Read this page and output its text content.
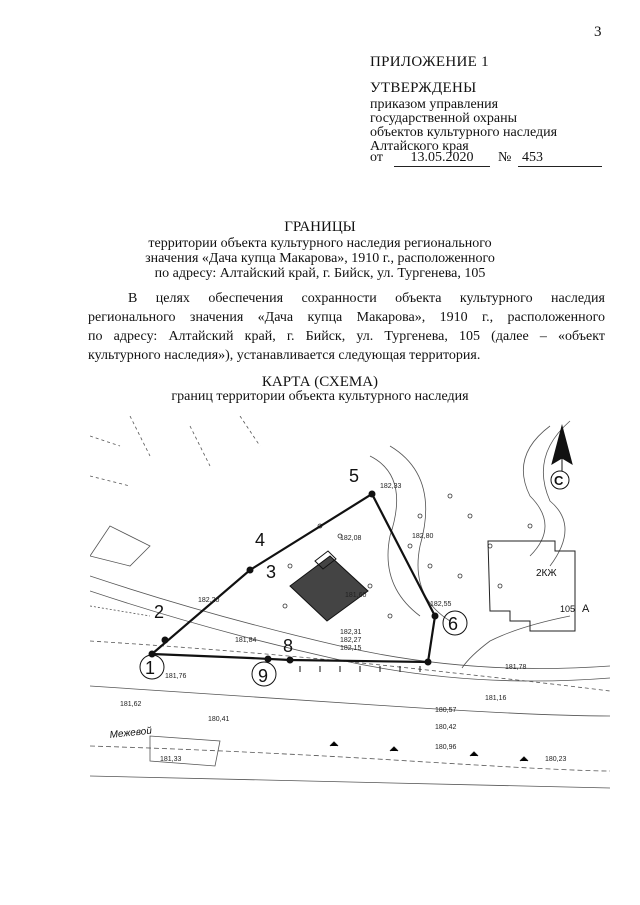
3
ПРИЛОЖЕНИЕ 1
УТВЕРЖДЕНЫ
приказом управления
государственной охраны
объектов культурного наследия
Алтайского края
от	13.05.2020	№ 453
ГРАНИЦЫ
территории объекта культурного наследия регионального
значения «Дача купца Макарова», 1910 г., расположенного
по адресу: Алтайский край, г. Бийск, ул. Тургенева, 105
В целях обеспечения сохранности объекта культурного наследия
регионального значения «Дача купца Макарова», 1910 г., расположенного
по адресу: Алтайский край, г. Бийск, ул. Тургенева, 105 (далее – «объект
культурного наследия»), устанавливается следующая территория.
КАРТА (СХЕМА)
границ территории объекта культурного наследия
2КЖ
105 А
С
1
2
3
4
5
6
8
9
Межевой
182,33
182,08	182,80
181,60
182,55
182,20
181,84
182,31
182,27
182,15
181,76
181,62
180,57
181,16
180,41
180,42
180,96
180,23
181,33
181,78
